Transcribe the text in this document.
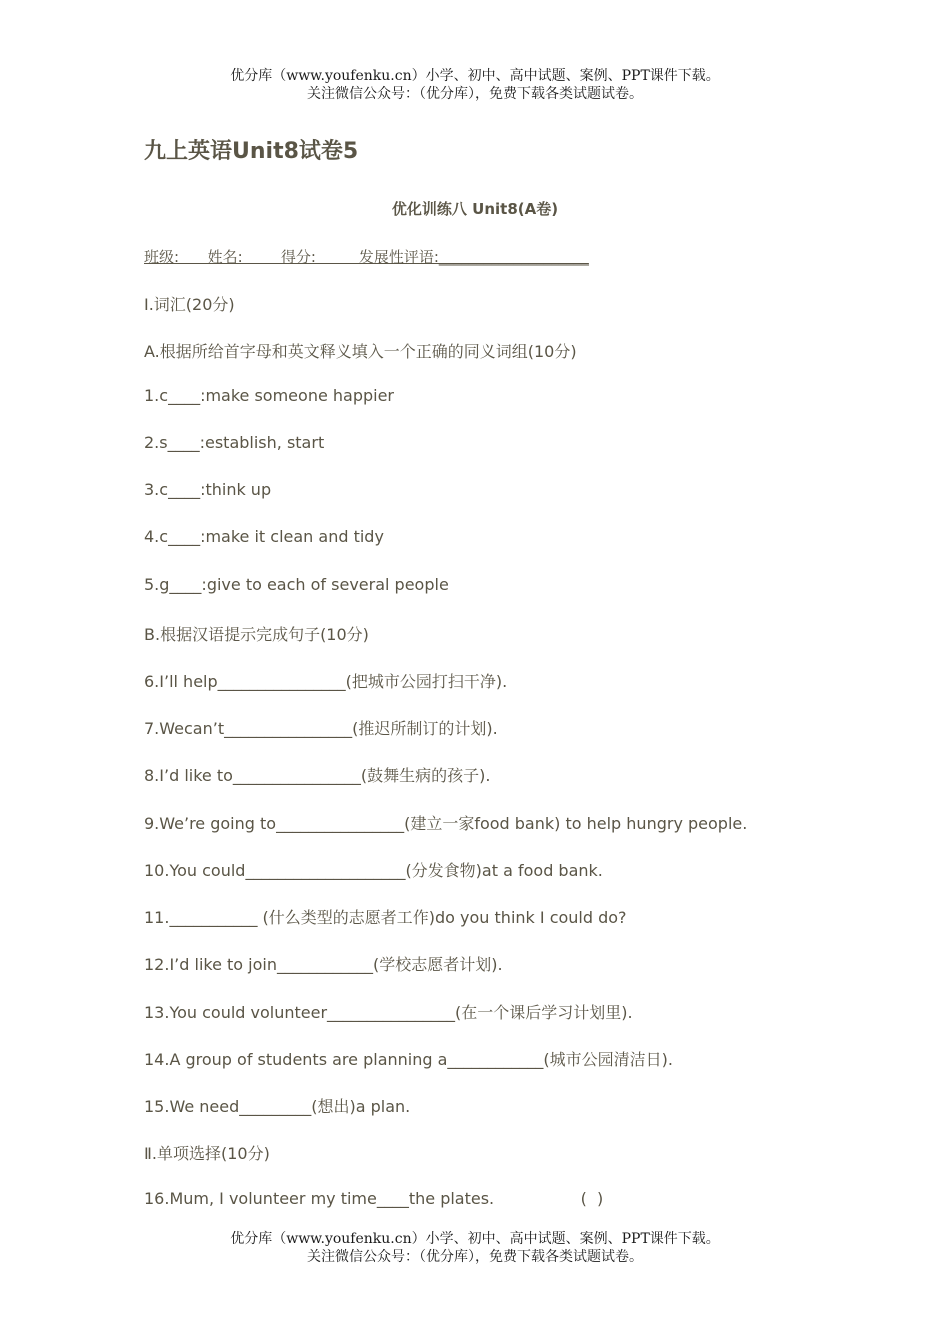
优分库（www.youfenku.cn）小学、初中、高中试题、案例、PPT课件下载。
关注微信公众号：（优分库），免费下载各类试题试卷。
九上英语Unit8试卷5
优化训练八 Unit8(A卷)
班级:      姓名:        得分:         发展性评语:____________________
Ⅰ.词汇(20分)
A.根据所给首字母和英文释义填入一个正确的同义词组(10分)
1.c____:make someone happier
2.s____:establish, start
3.c____:think up
4.c____:make it clean and tidy
5.g____:give to each of several people
B.根据汉语提示完成句子(10分)
6.I’ll help________________(把城市公园打扫干净).
7.Wecan’t________________(推迟所制订的计划).
8.I’d like to________________(鼓舞生病的孩子).
9.We’re going to________________(建立一家food bank) to help hungry people.
10.You could____________________(分发食物)at a food bank.
11.___________ (什么类型的志愿者工作)do you think I could do?
12.I’d like to join____________(学校志愿者计划).
13.You could volunteer________________(在一个课后学习计划里).
14.A group of students are planning a____________(城市公园清洁日).
15.We need_________(想出)a plan.
Ⅱ.单项选择(10分)
16.Mum, I volunteer my time____the plates.                 (  )
优分库（www.youfenku.cn）小学、初中、高中试题、案例、PPT课件下载。
关注微信公众号：（优分库），免费下载各类试题试卷。
